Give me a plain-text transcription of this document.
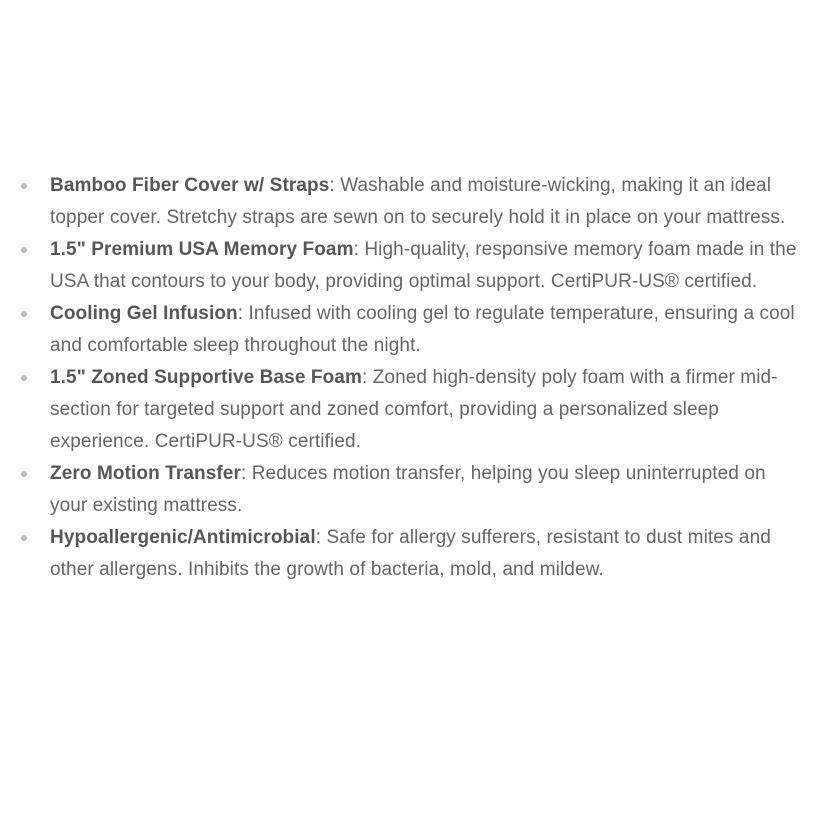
Bamboo Fiber Cover w/ Straps: Washable and moisture-wicking, making it an ideal topper cover. Stretchy straps are sewn on to securely hold it in place on your mattress.
1.5" Premium USA Memory Foam: High-quality, responsive memory foam made in the USA that contours to your body, providing optimal support. CertiPUR-US® certified.
Cooling Gel Infusion: Infused with cooling gel to regulate temperature, ensuring a cool and comfortable sleep throughout the night.
1.5" Zoned Supportive Base Foam: Zoned high-density poly foam with a firmer mid-section for targeted support and zoned comfort, providing a personalized sleep experience. CertiPUR-US® certified.
Zero Motion Transfer: Reduces motion transfer, helping you sleep uninterrupted on your existing mattress.
Hypoallergenic/Antimicrobial: Safe for allergy sufferers, resistant to dust mites and other allergens. Inhibits the growth of bacteria, mold, and mildew.
